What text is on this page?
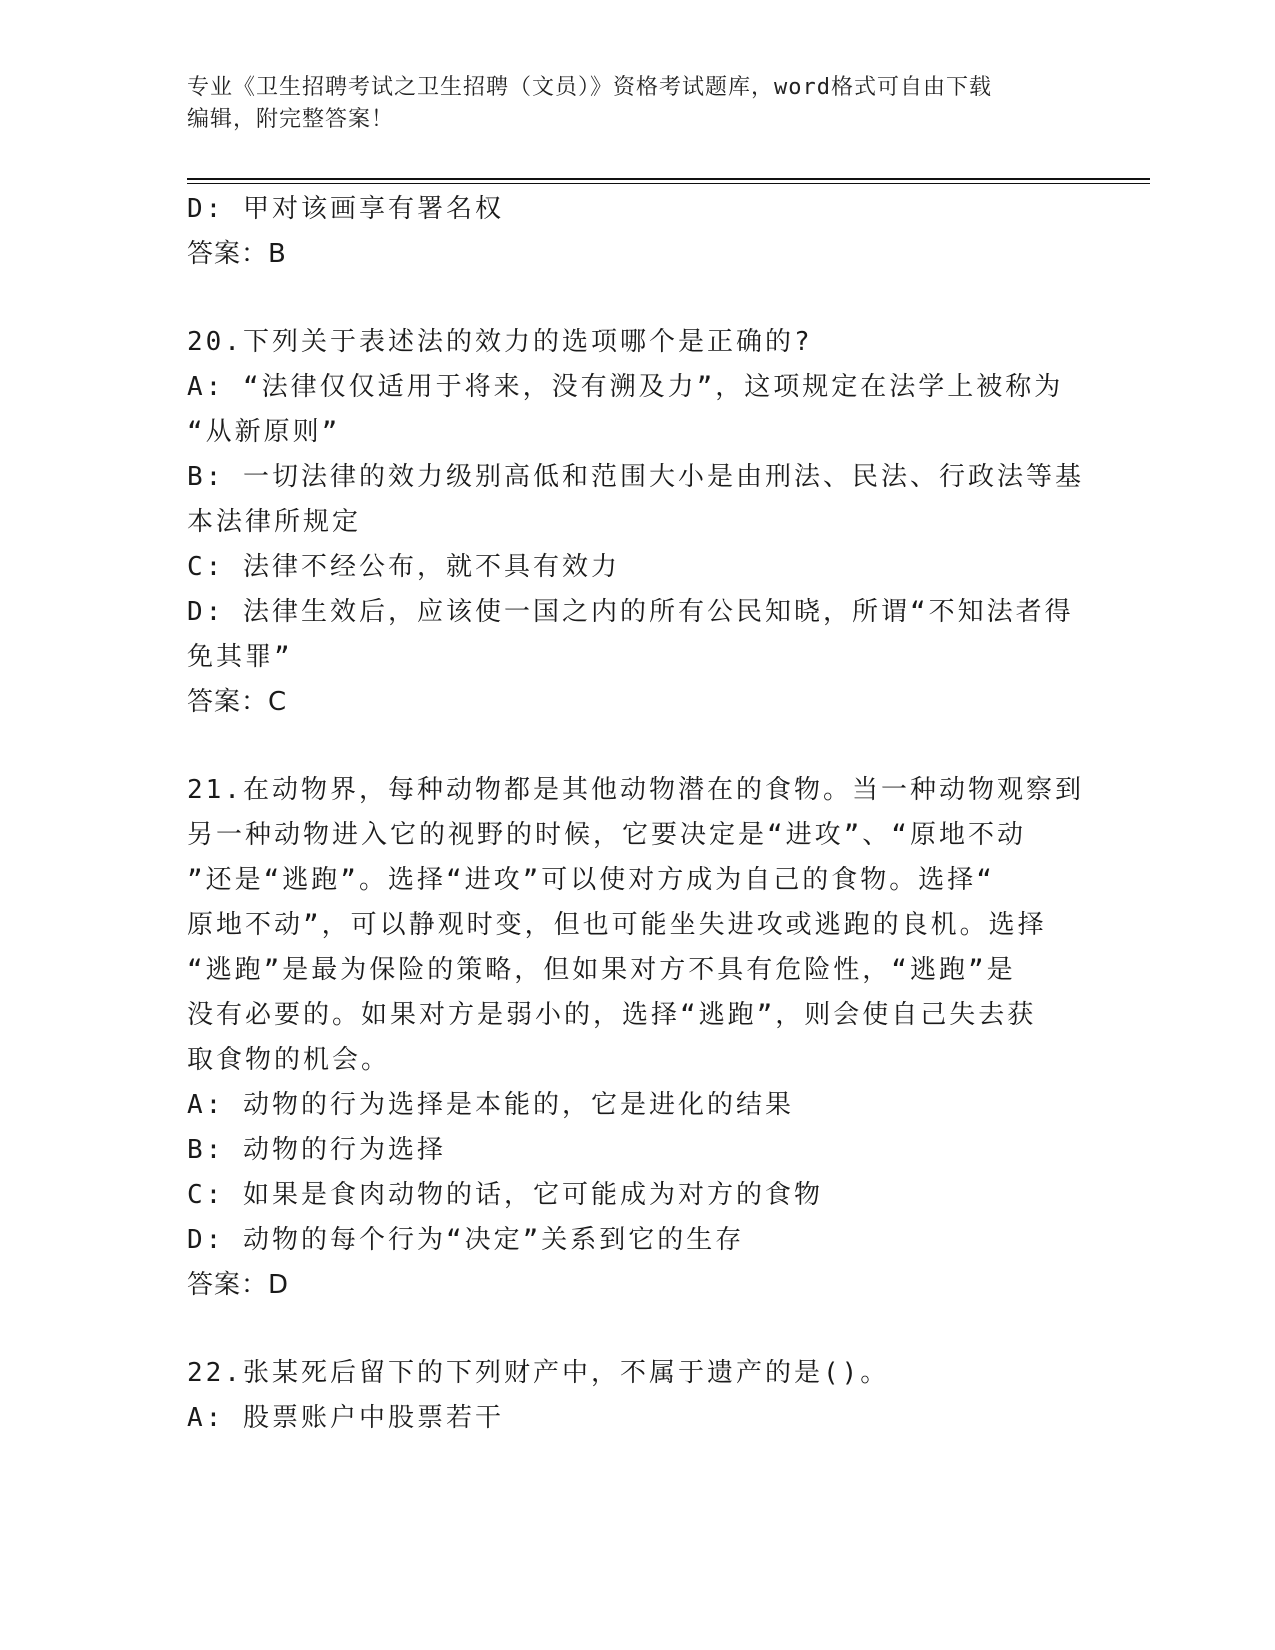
专业《卫生招聘考试之卫生招聘（文员）》资格考试题库，word格式可自由下载
编辑，附完整答案！
D: 甲对该画享有署名权
答案：B
20.下列关于表述法的效力的选项哪个是正确的?
A: “法律仅仅适用于将来，没有溯及力”，这项规定在法学上被称为
“从新原则”
B: 一切法律的效力级别高低和范围大小是由刑法、民法、行政法等基
本法律所规定
C: 法律不经公布，就不具有效力
D: 法律生效后，应该使一国之内的所有公民知晓，所谓“不知法者得
免其罪”
答案：C
21.在动物界，每种动物都是其他动物潜在的食物。当一种动物观察到
另一种动物进入它的视野的时候，它要决定是“进攻”、“原地不动
”还是“逃跑”。选择“进攻”可以使对方成为自己的食物。选择“
原地不动”，可以静观时变，但也可能坐失进攻或逃跑的良机。选择
“逃跑”是最为保险的策略，但如果对方不具有危险性，“逃跑”是
没有必要的。如果对方是弱小的，选择“逃跑”，则会使自己失去获
取食物的机会。
A: 动物的行为选择是本能的，它是进化的结果
B: 动物的行为选择
C: 如果是食肉动物的话，它可能成为对方的食物
D: 动物的每个行为“决定”关系到它的生存
答案：D
22.张某死后留下的下列财产中，不属于遗产的是()。
A: 股票账户中股票若干
